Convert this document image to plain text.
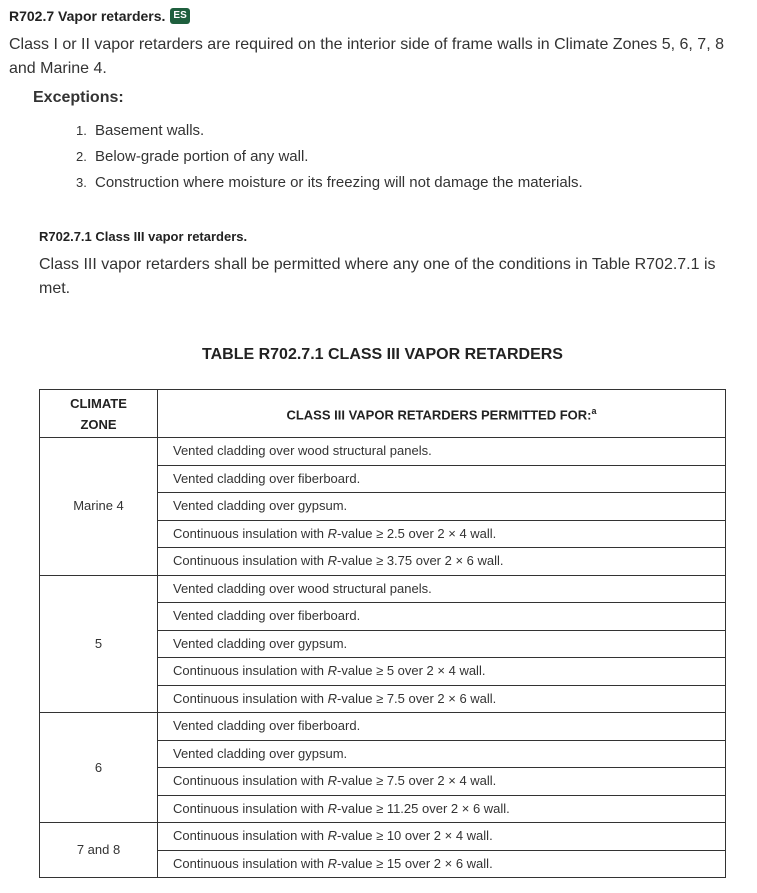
R702.7 Vapor retarders. ES

Class I or II vapor retarders are required on the interior side of frame walls in Climate Zones 5, 6, 7, 8 and Marine 4.

Exceptions:

1. Basement walls.
2. Below-grade portion of any wall.
3. Construction where moisture or its freezing will not damage the materials.

R702.7.1 Class III vapor retarders.

Class III vapor retarders shall be permitted where any one of the conditions in Table R702.7.1 is met.

TABLE R702.7.1 CLASS III VAPOR RETARDERS

CLIMATE
ZONE	CLASS III VAPOR RETARDERS PERMITTED FOR:$^a$
Marine 4	Vented cladding over wood structural panels.
	Vented cladding over fiberboard.
	Vented cladding over gypsum.
	Continuous insulation with R-value ≥ 2.5 over 2 × 4 wall.
	Continuous insulation with R-value ≥ 3.75 over 2 × 6 wall.
5	Vented cladding over wood structural panels.
	Vented cladding over fiberboard.
	Vented cladding over gypsum.
	Continuous insulation with R-value ≥ 5 over 2 × 4 wall.
	Continuous insulation with R-value ≥ 7.5 over 2 × 6 wall.
6	Vented cladding over fiberboard.
	Vented cladding over gypsum.
	Continuous insulation with R-value ≥ 7.5 over 2 × 4 wall.
	Continuous insulation with R-value ≥ 11.25 over 2 × 6 wall.
7 and 8	Continuous insulation with R-value ≥ 10 over 2 × 4 wall.
	Continuous insulation with R-value ≥ 15 over 2 × 6 wall.
